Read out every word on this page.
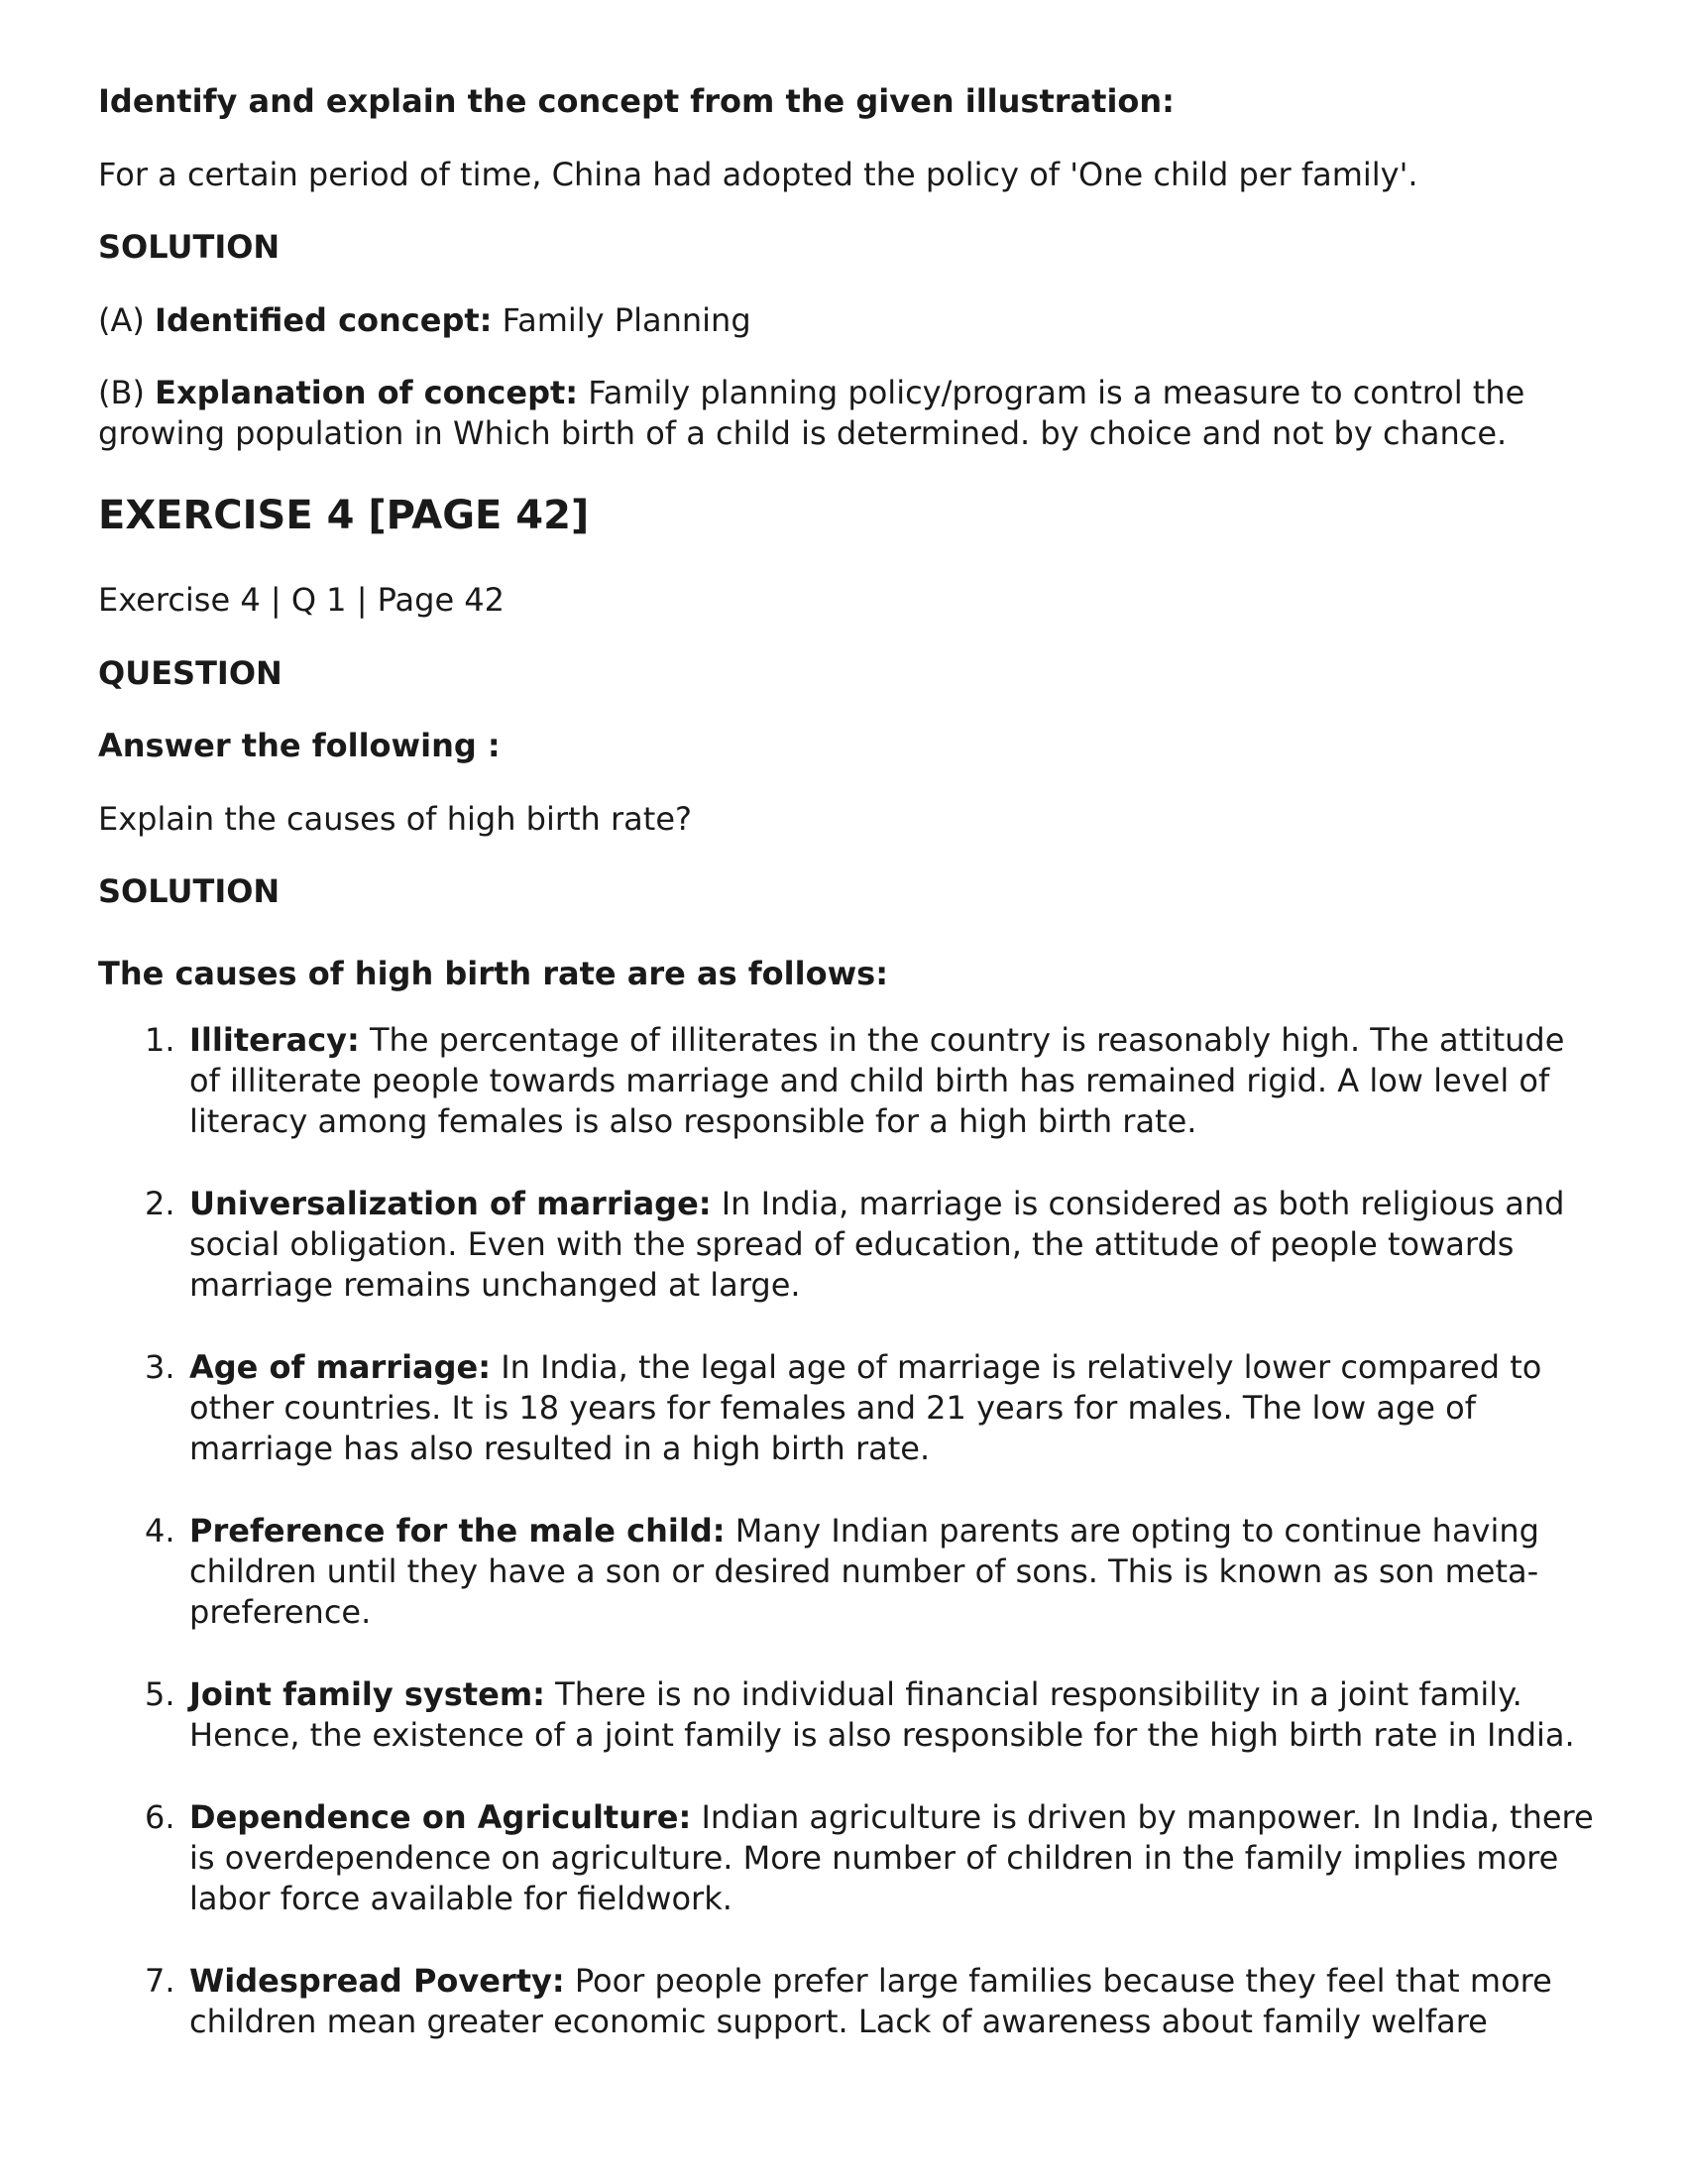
Identify and explain the concept from the given illustration:
For a certain period of time, China had adopted the policy of 'One child per family'.
SOLUTION
(A) Identified concept: Family Planning
(B) Explanation of concept: Family planning policy/program is a measure to control the growing population in Which birth of a child is determined. by choice and not by chance.
EXERCISE 4 [PAGE 42]
Exercise 4 | Q 1 | Page 42
QUESTION
Answer the following :
Explain the causes of high birth rate?
SOLUTION
The causes of high birth rate are as follows:
1. Illiteracy: The percentage of illiterates in the country is reasonably high. The attitude of illiterate people towards marriage and child birth has remained rigid. A low level of literacy among females is also responsible for a high birth rate.
2. Universalization of marriage: In India, marriage is considered as both religious and social obligation. Even with the spread of education, the attitude of people towards marriage remains unchanged at large.
3. Age of marriage: In India, the legal age of marriage is relatively lower compared to other countries. It is 18 years for females and 21 years for males. The low age of marriage has also resulted in a high birth rate.
4. Preference for the male child: Many Indian parents are opting to continue having children until they have a son or desired number of sons. This is known as son meta-preference.
5. Joint family system: There is no individual financial responsibility in a joint family. Hence, the existence of a joint family is also responsible for the high birth rate in India.
6. Dependence on Agriculture: Indian agriculture is driven by manpower. In India, there is overdependence on agriculture. More number of children in the family implies more labor force available for fieldwork.
7. Widespread Poverty: Poor people prefer large families because they feel that more children mean greater economic support. Lack of awareness about family welfare
